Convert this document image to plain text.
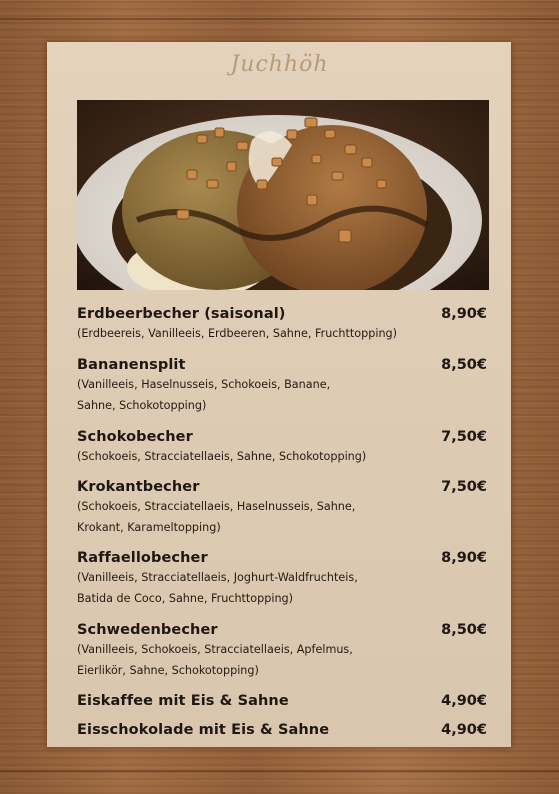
Juchhöh
Erdbeerbecher (saisonal)	8,90€
(Erdbeereis, Vanilleeis, Erdbeeren, Sahne, Fruchttopping)
Bananensplit	8,50€
(Vanilleeis, Haselnusseis, Schokoeis, Banane,
Sahne, Schokotopping)
Schokobecher	7,50€
(Schokoeis, Stracciatellaeis, Sahne, Schokotopping)
Krokantbecher	7,50€
(Schokoeis, Stracciatellaeis, Haselnusseis, Sahne,
Krokant, Karameltopping)
Raffaellobecher	8,90€
(Vanilleeis, Stracciatellaeis, Joghurt-Waldfruchteis,
Batida de Coco, Sahne, Fruchttopping)
Schwedenbecher	8,50€
(Vanilleeis, Schokoeis, Stracciatellaeis, Apfelmus,
Eierlikör, Sahne, Schokotopping)
Eiskaffee mit Eis & Sahne	4,90€
Eisschokolade mit Eis & Sahne	4,90€
